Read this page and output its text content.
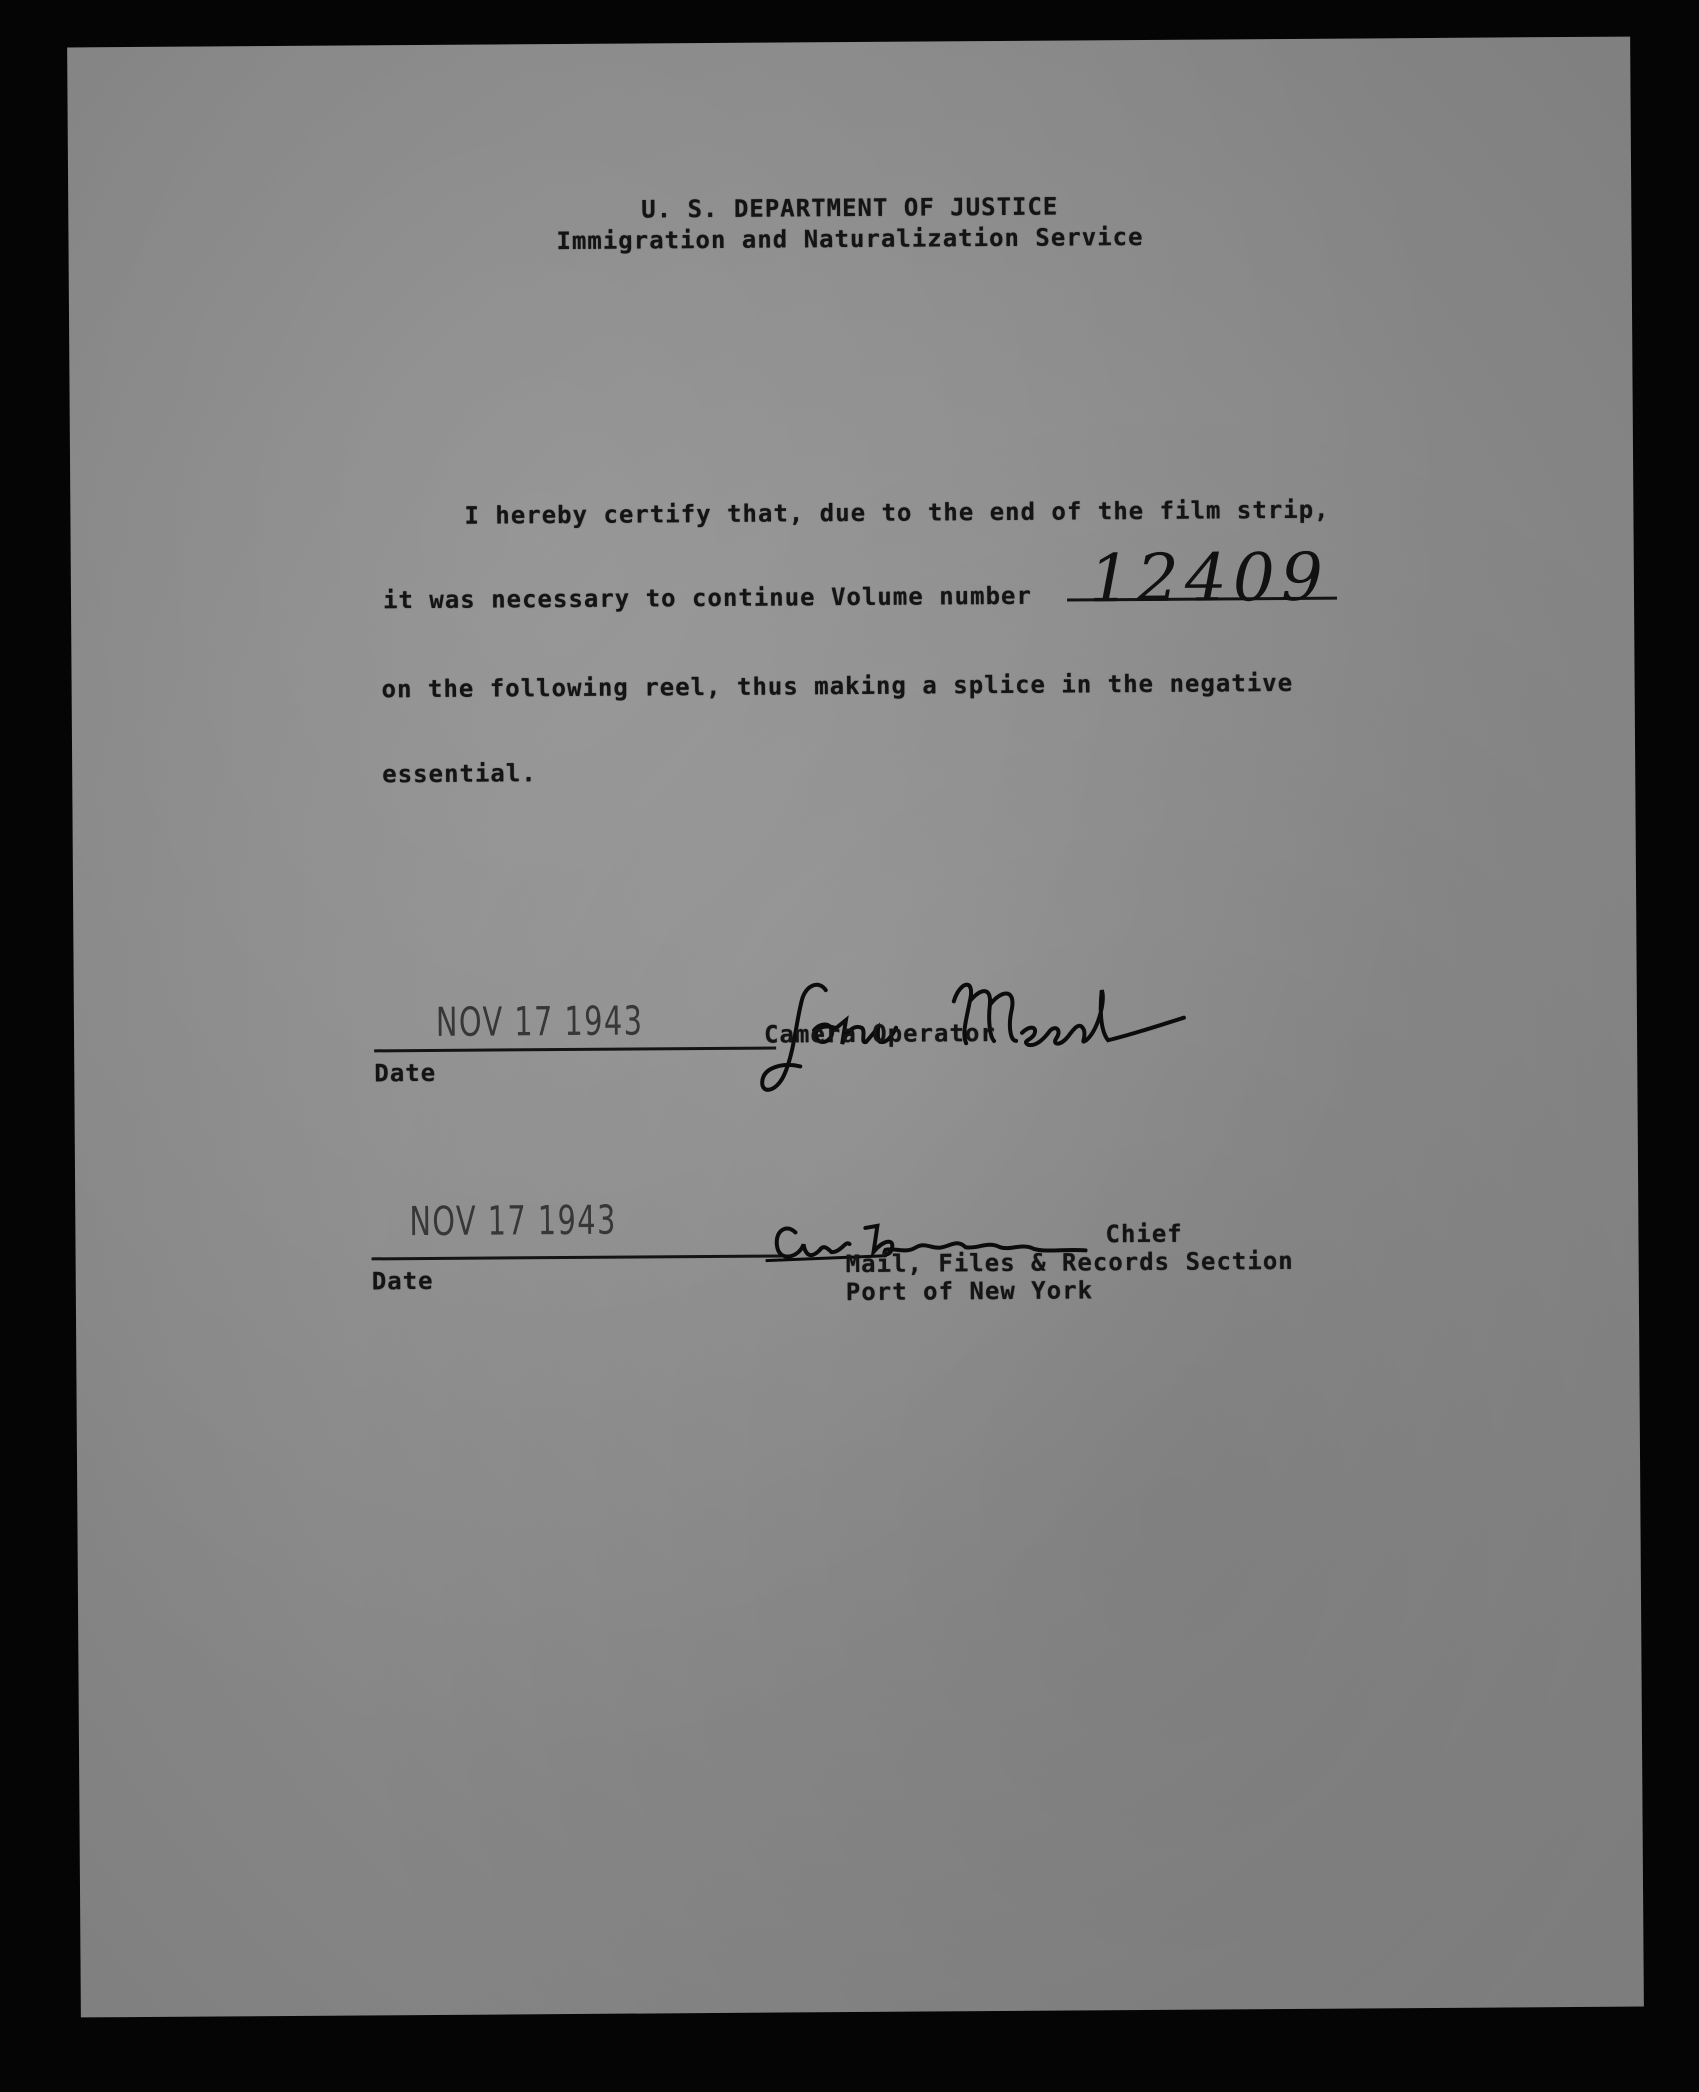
U. S. DEPARTMENT OF JUSTICE
Immigration and Naturalization Service
I hereby certify that, due to the end of the film strip,
it was necessary to continue Volume number 12409
on the following reel, thus making a splice in the negative
essential.
NOV 17 1943
Date
Camera Operator
NOV 17 1943
Date
Chief
Mail, Files & Records Section
Port of New York
